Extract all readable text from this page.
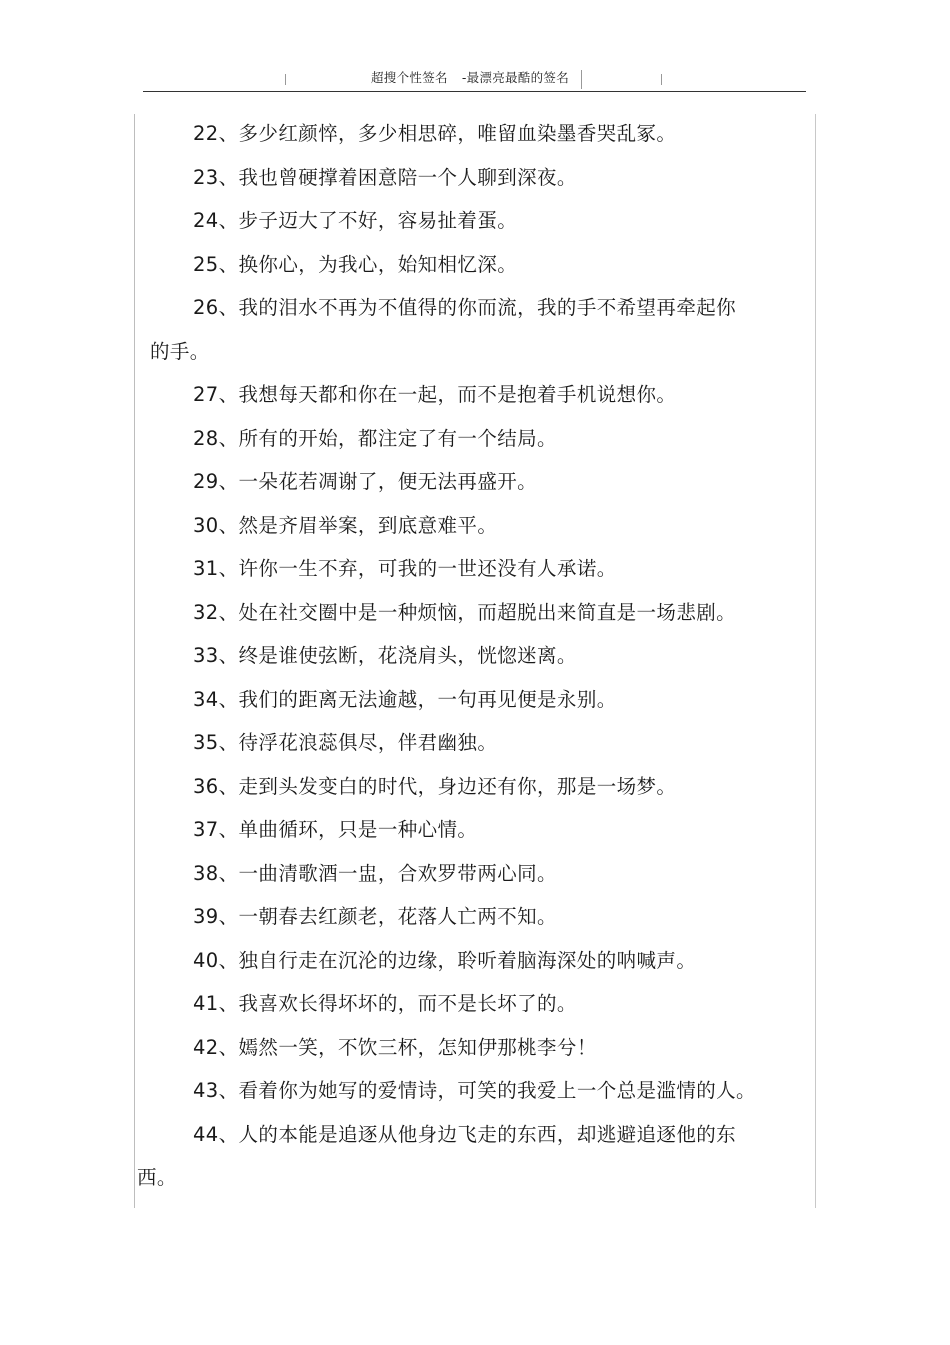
超搜个性签名 -最漂亮最酷的签名
22、多少红颜悴，多少相思碎，唯留血染墨香哭乱冢。
23、我也曾硬撑着困意陪一个人聊到深夜。
24、步子迈大了不好，容易扯着蛋。
25、换你心，为我心，始知相忆深。
26、我的泪水不再为不值得的你而流，我的手不希望再牵起你
的手。
27、我想每天都和你在一起，而不是抱着手机说想你。
28、所有的开始，都注定了有一个结局。
29、一朵花若凋谢了，便无法再盛开。
30、然是齐眉举案，到底意难平。
31、许你一生不弃，可我的一世还没有人承诺。
32、处在社交圈中是一种烦恼，而超脱出来简直是一场悲剧。
33、终是谁使弦断，花浇肩头，恍惚迷离。
34、我们的距离无法逾越，一句再见便是永别。
35、待浮花浪蕊俱尽，伴君幽独。
36、走到头发变白的时代，身边还有你，那是一场梦。
37、单曲循环，只是一种心情。
38、一曲清歌酒一盅，合欢罗带两心同。
39、一朝春去红颜老，花落人亡两不知。
40、独自行走在沉沦的边缘，聆听着脑海深处的呐喊声。
41、我喜欢长得坏坏的，而不是长坏了的。
42、嫣然一笑，不饮三杯，怎知伊那桃李兮！
43、看着你为她写的爱情诗，可笑的我爱上一个总是滥情的人。
44、人的本能是追逐从他身边飞走的东西，却逃避追逐他的东
西。
